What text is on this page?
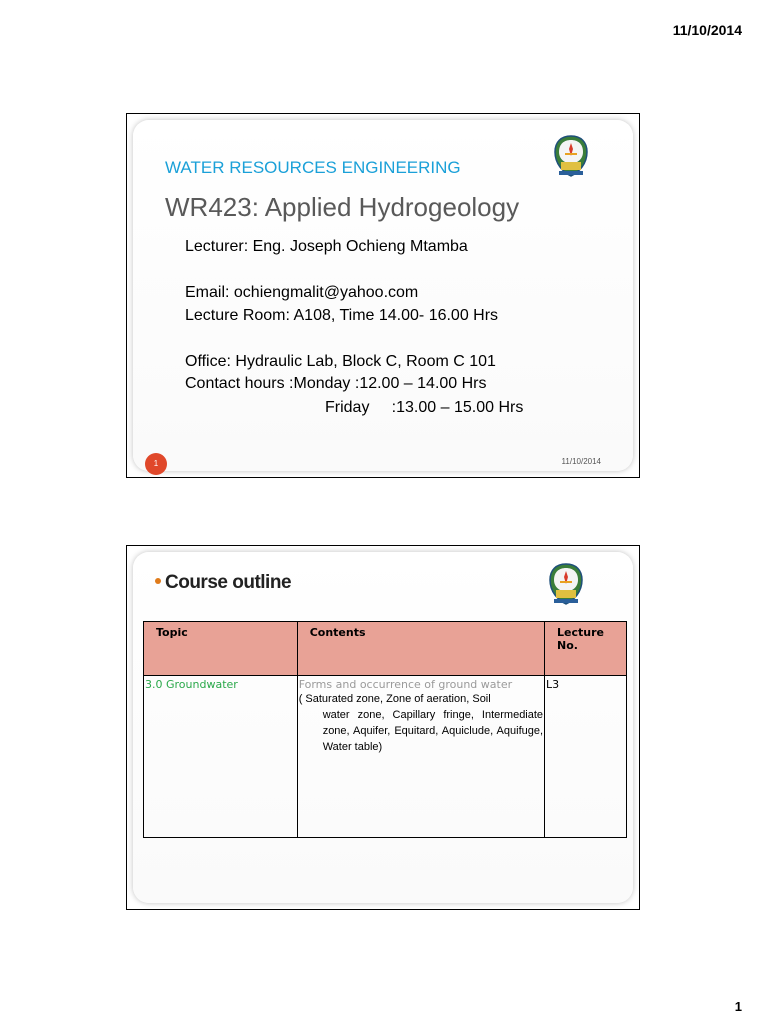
11/10/2014
WATER RESOURCES ENGINEERING
WR423: Applied Hydrogeology
Lecturer: Eng. Joseph Ochieng Mtamba
Email: ochiengmalit@yahoo.com
Lecture Room: A108, Time 14.00- 16.00 Hrs
Office: Hydraulic Lab, Block C, Room C 101
Contact hours :Monday :12.00 – 14.00 Hrs
Friday     :13.00 – 15.00 Hrs
1	11/10/2014
Course outline
Topic	Contents	Lecture No.
3.0 Groundwater	Forms and occurrence of ground water
( Saturated zone, Zone of aeration, Soil
water zone, Capillary fringe, Intermediate zone, Aquifer, Equitard, Aquiclude, Aquifuge, Water table)	L3
1
